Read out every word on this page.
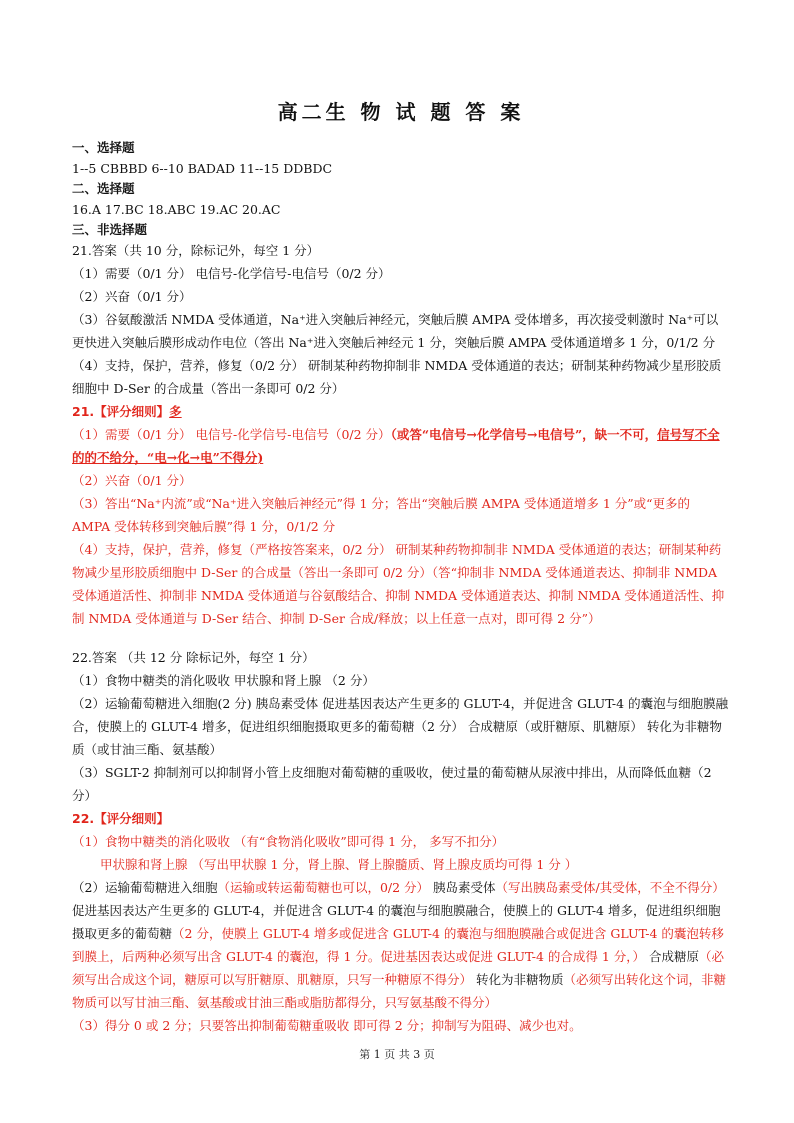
高二生 物 试 题 答 案
一、选择题

1--5 CBBBD 6--10 BADAD 11--15 DDBDC

二、选择题

16.A 17.BC 18.ABC 19.AC 20.AC

三、非选择题

21.答案（共 10 分，除标记外，每空 1 分）

（1）需要（0/1 分） 电信号-化学信号-电信号（0/2 分）

（2）兴奋（0/1 分）

（3）谷氨酸激活 NMDA 受体通道，Na⁺进入突触后神经元，突触后膜 AMPA 受体增多，再次接受刺激时 Na⁺可以更快进入突触后膜形成动作电位（答出 Na⁺进入突触后神经元 1 分，突触后膜 AMPA 受体通道增多 1 分，0/1/2 分

（4）支持，保护，营养，修复（0/2 分） 研制某种药物抑制非 NMDA 受体通道的表达；研制某种药物减少星形胶质细胞中 D-Ser 的合成量（答出一条即可 0/2 分）

21.【评分细则】多

（1）需要（0/1 分） 电信号-化学信号-电信号（0/2 分）（或答“电信号→化学信号→电信号”，缺一不可，信号写不全的的不给分，“电→化→电”不得分)

（2）兴奋（0/1 分）

（3）答出“Na⁺内流”或“Na⁺进入突触后神经元”得 1 分；答出“突触后膜 AMPA 受体通道增多 1 分”或“更多的 AMPA 受体转移到突触后膜”得 1 分，0/1/2 分

（4）支持，保护，营养，修复（严格按答案来，0/2 分） 研制某种药物抑制非 NMDA 受体通道的表达；研制某种药物减少星形胶质细胞中 D-Ser 的合成量（答出一条即可 0/2 分）（答“抑制非 NMDA 受体通道表达、抑制非 NMDA 受体通道活性、抑制非 NMDA 受体通道与谷氨酸结合、抑制 NMDA 受体通道表达、抑制 NMDA 受体通道活性、抑制 NMDA 受体通道与 D-Ser 结合、抑制 D-Ser 合成/释放；以上任意一点对，即可得 2 分”）

22.答案 （共 12 分 除标记外，每空 1 分）

（1）食物中糖类的消化吸收 甲状腺和肾上腺 （2 分）

（2）运输葡萄糖进入细胞(2 分) 胰岛素受体 促进基因表达产生更多的 GLUT-4，并促进含 GLUT-4 的囊泡与细胞膜融合，使膜上的 GLUT-4 增多，促进组织细胞摄取更多的葡萄糖（2 分） 合成糖原（或肝糖原、肌糖原） 转化为非糖物质（或甘油三酯、氨基酸）

（3）SGLT-2 抑制剂可以抑制肾小管上皮细胞对葡萄糖的重吸收，使过量的葡萄糖从尿液中排出，从而降低血糖（2 分）

22.【评分细则】

（1）食物中糖类的消化吸收 （有“食物消化吸收”即可得 1 分， 多写不扣分）

甲状腺和肾上腺 （写出甲状腺 1 分，肾上腺、肾上腺髓质、肾上腺皮质均可得 1 分 ）

（2）运输葡萄糖进入细胞（运输或转运葡萄糖也可以，0/2 分） 胰岛素受体（写出胰岛素受体/其受体，不全不得分） 促进基因表达产生更多的 GLUT-4，并促进含 GLUT-4 的囊泡与细胞膜融合，使膜上的 GLUT-4 增多，促进组织细胞摄取更多的葡萄糖（2 分，使膜上 GLUT-4 增多或促进含 GLUT-4 的囊泡与细胞膜融合或促进含 GLUT-4 的囊泡转移到膜上，后两种必须写出含 GLUT-4 的囊泡，得 1 分。促进基因表达或促进 GLUT-4 的合成得 1 分，） 合成糖原（必须写出合成这个词，糖原可以写肝糖原、肌糖原，只写一种糖原不得分） 转化为非糖物质（必须写出转化这个词，非糖物质可以写甘油三酯、氨基酸或甘油三酯或脂肪都得分，只写氨基酸不得分）

（3）得分 0 或 2 分；只要答出抑制葡萄糖重吸收 即可得 2 分；抑制写为阻碍、减少也对。

第 1 页 共 3 页
